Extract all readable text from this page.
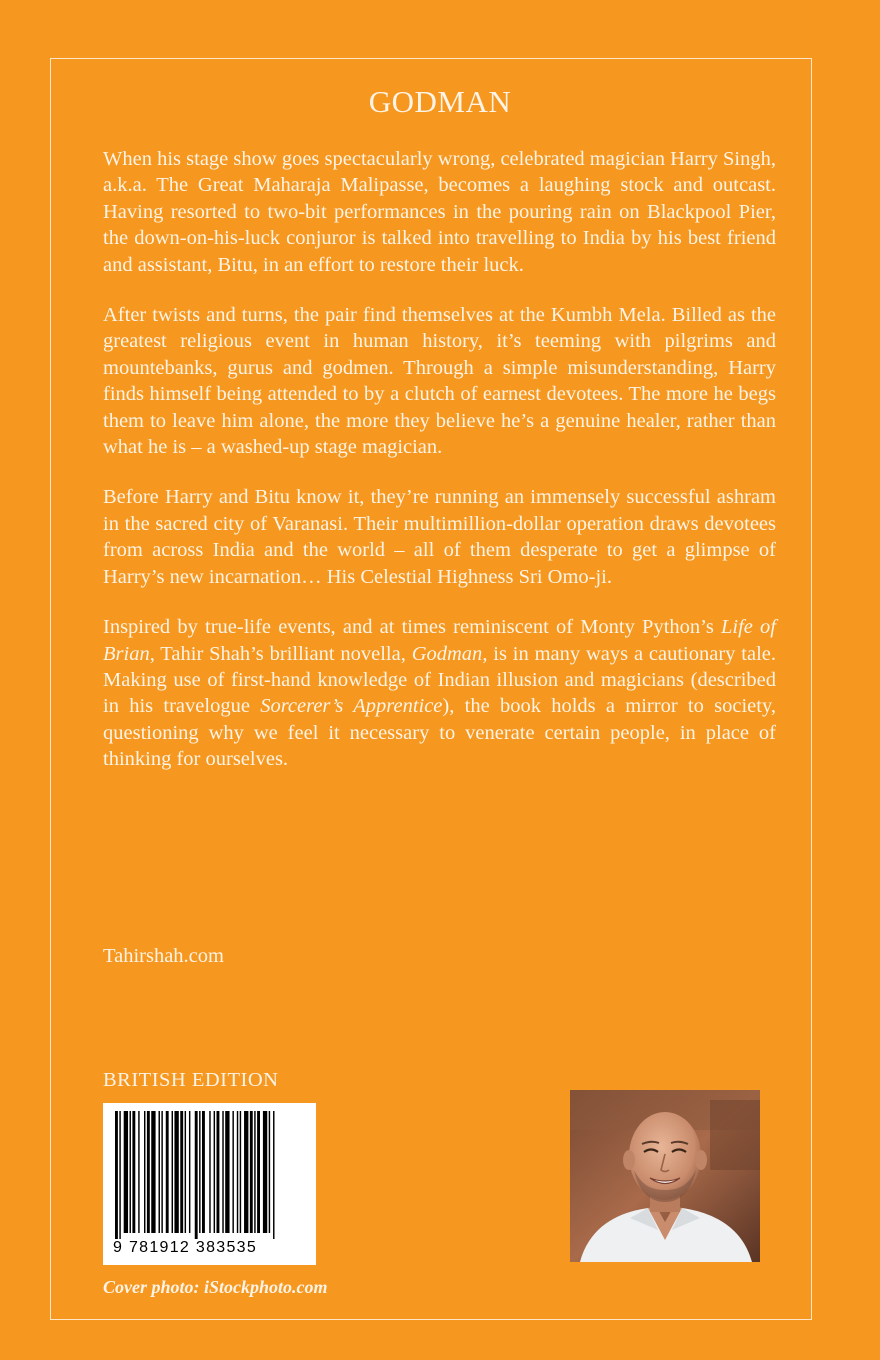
GODMAN

When his stage show goes spectacularly wrong, celebrated magician Harry Singh, a.k.a. The Great Maharaja Malipasse, becomes a laughing stock and outcast. Having resorted to two-bit performances in the pouring rain on Blackpool Pier, the down-on-his-luck conjuror is talked into travelling to India by his best friend and assistant, Bitu, in an effort to restore their luck.

After twists and turns, the pair find themselves at the Kumbh Mela. Billed as the greatest religious event in human history, it’s teeming with pilgrims and mountebanks, gurus and godmen. Through a simple misunderstanding, Harry finds himself being attended to by a clutch of earnest devotees. The more he begs them to leave him alone, the more they believe he’s a genuine healer, rather than what he is – a washed-up stage magician.

Before Harry and Bitu know it, they’re running an immensely successful ashram in the sacred city of Varanasi. Their multimillion-dollar operation draws devotees from across India and the world – all of them desperate to get a glimpse of Harry’s new incarnation… His Celestial Highness Sri Omo-ji.

Inspired by true-life events, and at times reminiscent of Monty Python’s Life of Brian, Tahir Shah’s brilliant novella, Godman, is in many ways a cautionary tale. Making use of first-hand knowledge of Indian illusion and magicians (described in his travelogue Sorcerer’s Apprentice), the book holds a mirror to society, questioning why we feel it necessary to venerate certain people, in place of thinking for ourselves.

Tahirshah.com
BRITISH EDITION
9 781912 383535
Cover photo: iStockphoto.com
